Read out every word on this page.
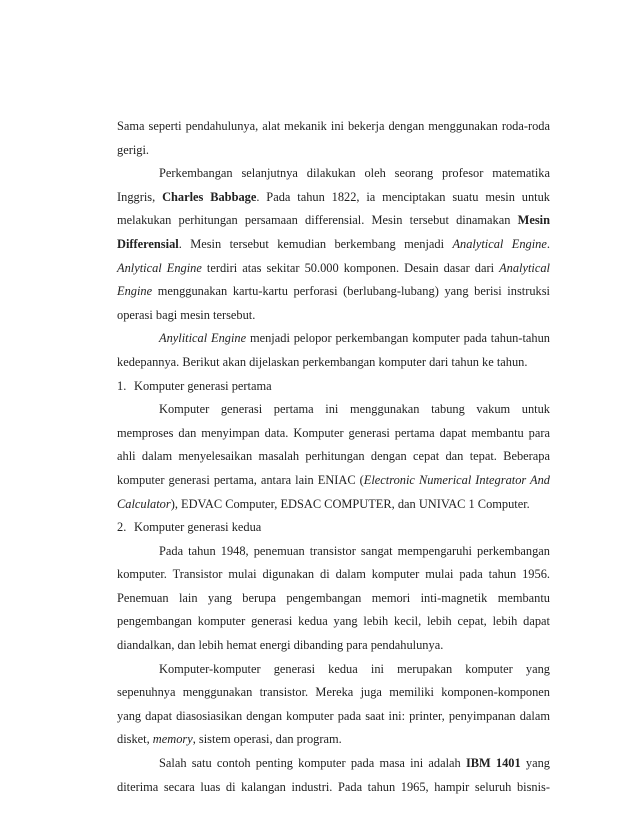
Sama seperti pendahulunya, alat mekanik ini bekerja dengan menggunakan roda-roda
gerigi.
Perkembangan selanjutnya dilakukan oleh seorang profesor matematika
Inggris, Charles Babbage. Pada tahun 1822, ia menciptakan suatu mesin untuk
melakukan perhitungan persamaan differensial. Mesin tersebut dinamakan Mesin
Differensial. Mesin tersebut kemudian berkembang menjadi Analytical Engine.
Anlytical Engine terdiri atas sekitar 50.000 komponen. Desain dasar dari Analytical
Engine menggunakan kartu-kartu perforasi (berlubang-lubang) yang berisi instruksi
operasi bagi mesin tersebut.
Anylitical Engine menjadi pelopor perkembangan komputer pada tahun-tahun
kedepannya. Berikut akan dijelaskan perkembangan komputer dari tahun ke tahun.
1. Komputer generasi pertama
Komputer generasi pertama ini menggunakan tabung vakum untuk
memproses dan menyimpan data. Komputer generasi pertama dapat membantu para
ahli dalam menyelesaikan masalah perhitungan dengan cepat dan tepat. Beberapa
komputer generasi pertama, antara lain ENIAC (Electronic Numerical Integrator And
Calculator), EDVAC Computer, EDSAC COMPUTER, dan UNIVAC 1 Computer.
2. Komputer generasi kedua
Pada tahun 1948, penemuan transistor sangat mempengaruhi perkembangan
komputer. Transistor mulai digunakan di dalam komputer mulai pada tahun 1956.
Penemuan lain yang berupa pengembangan memori inti-magnetik membantu
pengembangan komputer generasi kedua yang lebih kecil, lebih cepat, lebih dapat
diandalkan, dan lebih hemat energi dibanding para pendahulunya.
Komputer-komputer generasi kedua ini merupakan komputer yang
sepenuhnya menggunakan transistor. Mereka juga memiliki komponen-komponen
yang dapat diasosiasikan dengan komputer pada saat ini: printer, penyimpanan dalam
disket, memory, sistem operasi, dan program.
Salah satu contoh penting komputer pada masa ini adalah IBM 1401 yang
diterima secara luas di kalangan industri. Pada tahun 1965, hampir seluruh bisnis-
